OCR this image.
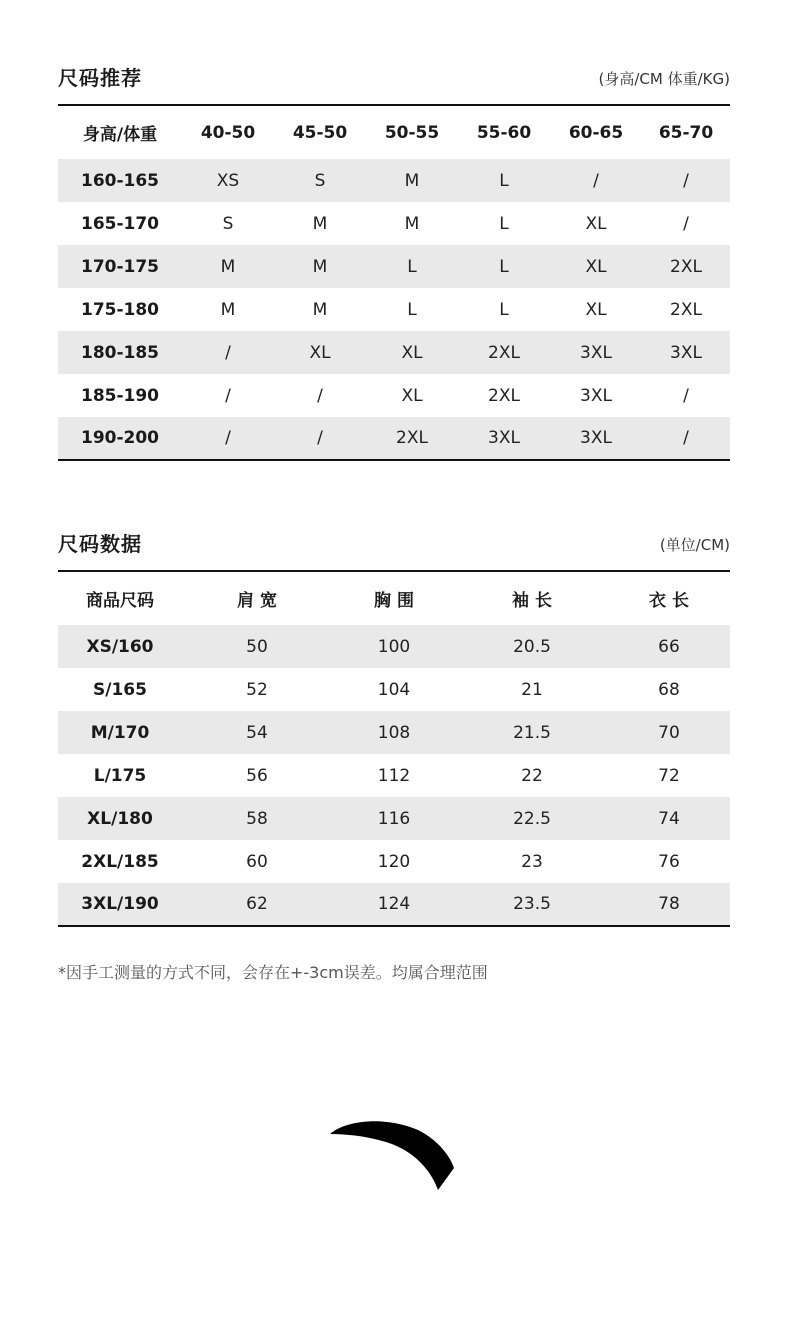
尺码推荐	(身高/CM 体重/KG)
身高/体重	40-50	45-50	50-55	55-60	60-65	65-70
160-165	XS	S	M	L	/	/
165-170	S	M	M	L	XL	/
170-175	M	M	L	L	XL	2XL
175-180	M	M	L	L	XL	2XL
180-185	/	XL	XL	2XL	3XL	3XL
185-190	/	/	XL	2XL	3XL	/
190-200	/	/	2XL	3XL	3XL	/
尺码数据	(单位/CM)
商品尺码	肩 宽	胸 围	袖 长	衣 长
XS/160	50	100	20.5	66
S/165	52	104	21	68
M/170	54	108	21.5	70
L/175	56	112	22	72
XL/180	58	116	22.5	74
2XL/185	60	120	23	76
3XL/190	62	124	23.5	78
*因手工测量的方式不同，会存在+-3cm误差。均属合理范围
